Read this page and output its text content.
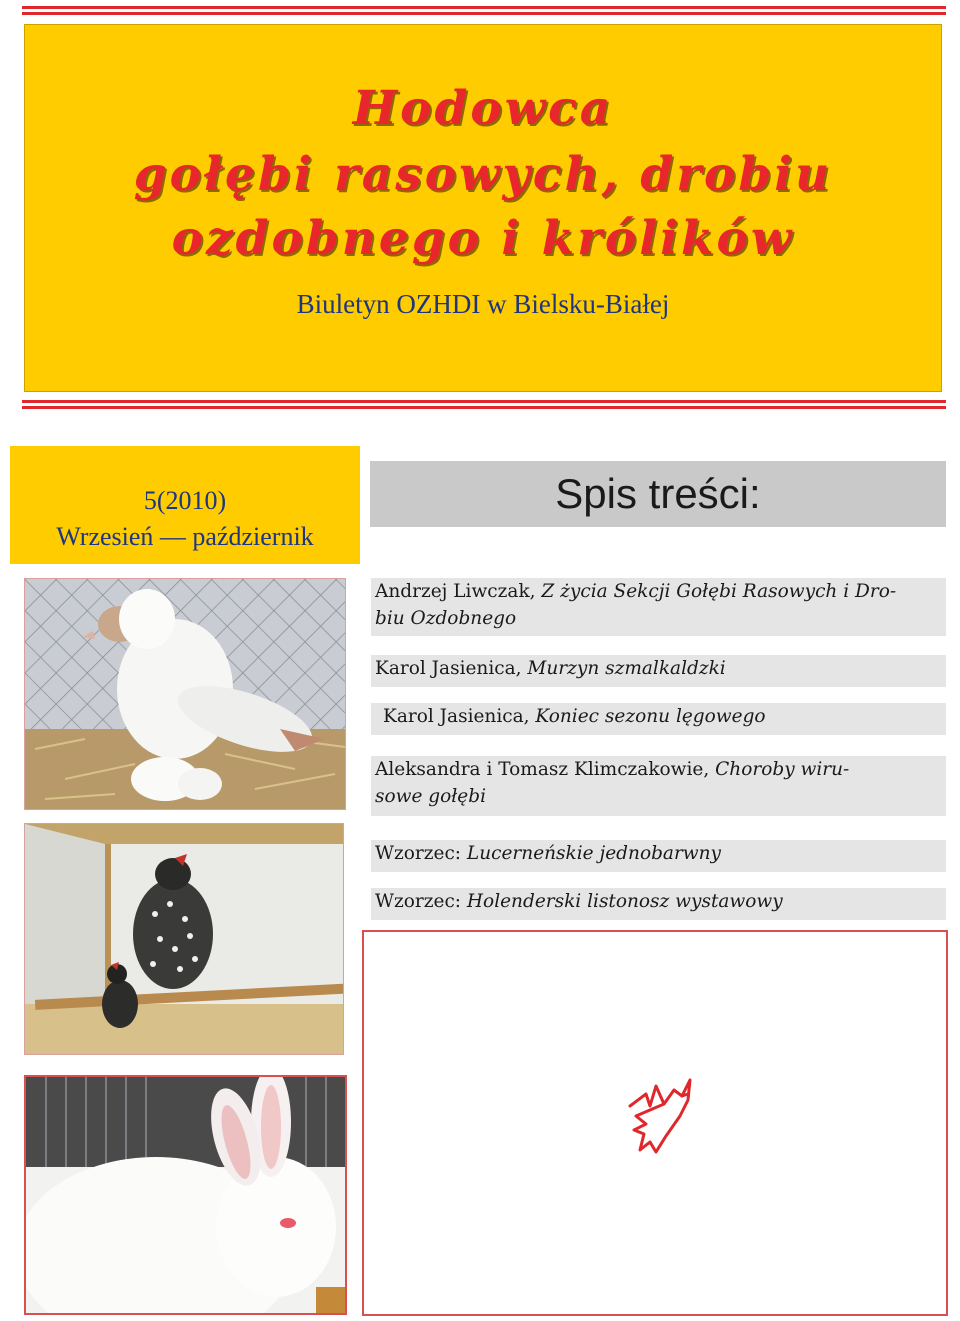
Hodowca
gołębi rasowych, drobiu
ozdobnego i królików
Biuletyn OZHDI w Bielsku-Białej
5(2010)
Wrzesień — październik
Spis treści:
Andrzej Liwczak, Z życia Sekcji Gołębi Rasowych i Dro-
biu Ozdobnego
Karol Jasienica, Murzyn szmalkaldzki
Karol Jasienica, Koniec sezonu lęgowego
Aleksandra i Tomasz Klimczakowie, Choroby wiru-
sowe gołębi
Wzorzec: Lucerneńskie jednobarwny
Wzorzec: Holenderski listonosz wystawowy
